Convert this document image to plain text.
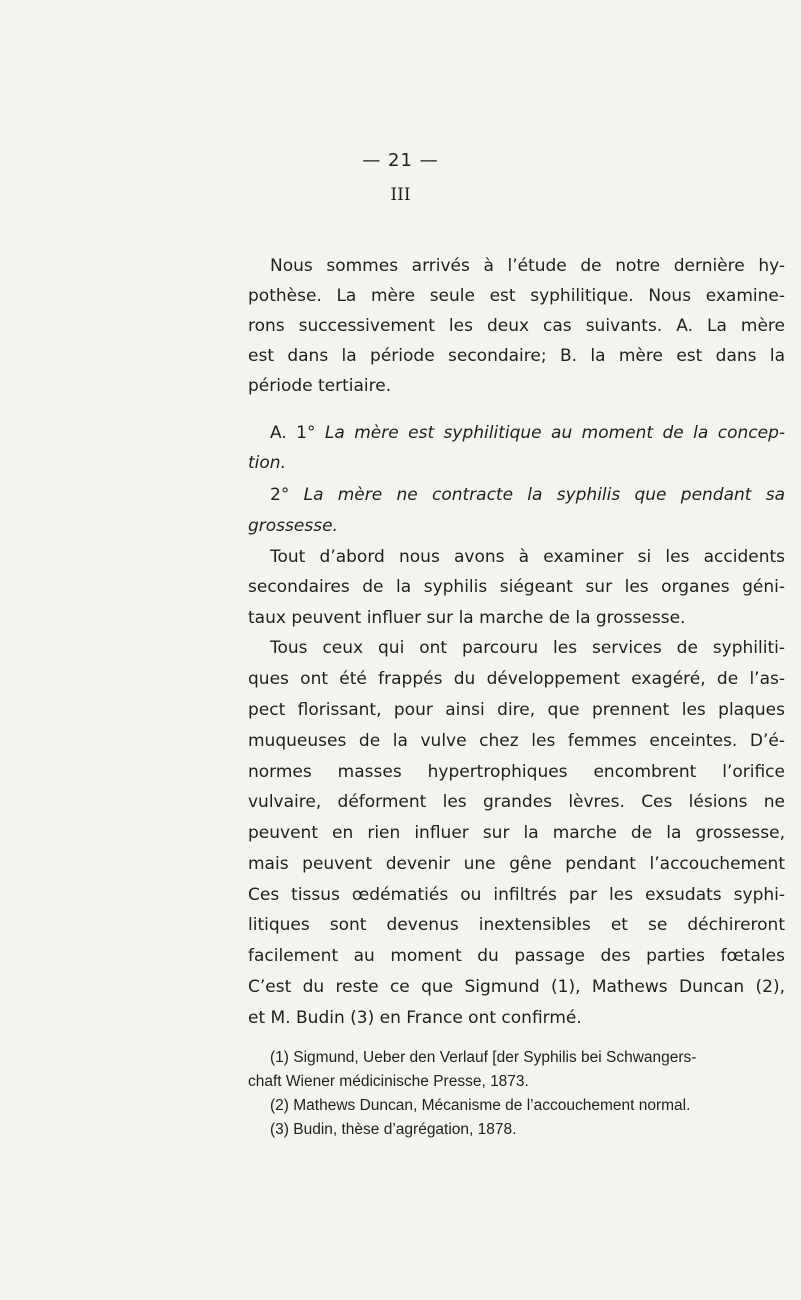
— 21 —
III
Nous sommes arrivés à l’étude de notre dernière hy-
pothèse. La mère seule est syphilitique. Nous examine-
rons successivement les deux cas suivants. A. La mère
est dans la période secondaire; B. la mère est dans la
période tertiaire.
A. 1° La mère est syphilitique au moment de la concep-
tion.
2° La mère ne contracte la syphilis que pendant sa
grossesse.
Tout d’abord nous avons à examiner si les accidents
secondaires de la syphilis siégeant sur les organes géni-
taux peuvent influer sur la marche de la grossesse.
Tous ceux qui ont parcouru les services de syphiliti-
ques ont été frappés du développement exagéré, de l’as-
pect florissant, pour ainsi dire, que prennent les plaques
muqueuses de la vulve chez les femmes enceintes. D’é-
normes masses hypertrophiques encombrent l’orifice
vulvaire, déforment les grandes lèvres. Ces lésions ne
peuvent en rien influer sur la marche de la grossesse,
mais peuvent devenir une gêne pendant l’accouchement
Ces tissus œdématiés ou infiltrés par les exsudats syphi-
litiques sont devenus inextensibles et se déchireront
facilement au moment du passage des parties fœtales
C’est du reste ce que Sigmund (1), Mathews Duncan (2),
et M. Budin (3) en France ont confirmé.
(1) Sigmund, Ueber den Verlauf [der Syphilis bei Schwangers-
chaft Wiener médicinische Presse, 1873.
(2) Mathews Duncan, Mécanisme de l’accouchement normal.
(3) Budin, thèse d’agrégation, 1878.
